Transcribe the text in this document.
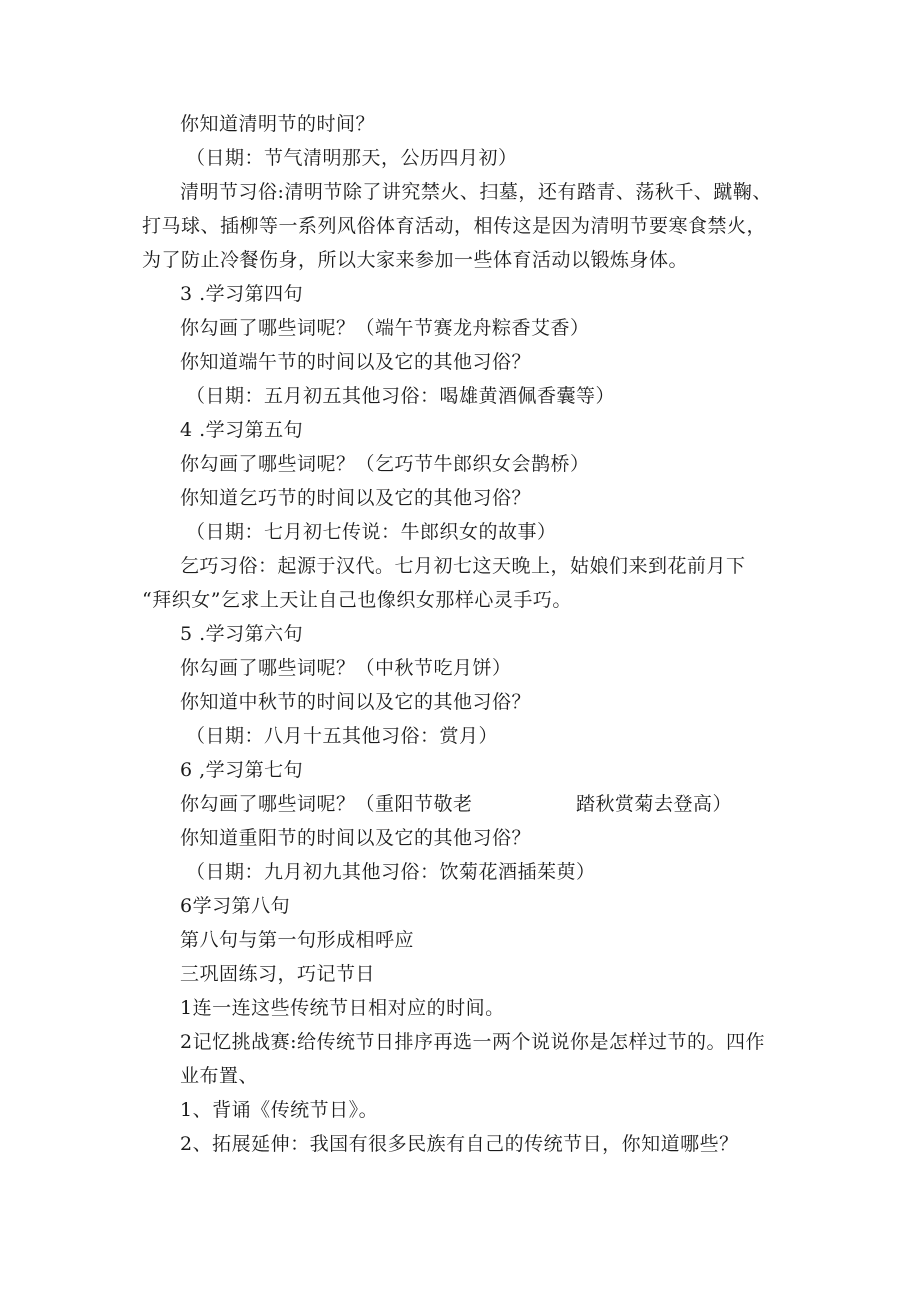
你知道清明节的时间？
（日期：节气清明那天，公历四月初）
清明节习俗:清明节除了讲究禁火、扫墓，还有踏青、荡秋千、蹴鞠、
打马球、插柳等一系列风俗体育活动，相传这是因为清明节要寒食禁火，
为了防止冷餐伤身，所以大家来参加一些体育活动以锻炼身体。
3 .学习第四句
你勾画了哪些词呢？（端午节赛龙舟粽香艾香）
你知道端午节的时间以及它的其他习俗？
（日期：五月初五其他习俗：喝雄黄酒佩香囊等）
4 .学习第五句
你勾画了哪些词呢？（乞巧节牛郎织女会鹊桥）
你知道乞巧节的时间以及它的其他习俗？
（日期：七月初七传说：牛郎织女的故事）
乞巧习俗：起源于汉代。七月初七这天晚上，姑娘们来到花前月下
“拜织女”乞求上天让自己也像织女那样心灵手巧。
5 .学习第六句
你勾画了哪些词呢？（中秋节吃月饼）
你知道中秋节的时间以及它的其他习俗？
（日期：八月十五其他习俗：赏月）
6 ,学习第七句
你勾画了哪些词呢？（重阳节敬老	踏秋赏菊去登高）
你知道重阳节的时间以及它的其他习俗？
（日期：九月初九其他习俗：饮菊花酒插茱萸）
6学习第八句
第八句与第一句形成相呼应
三巩固练习，巧记节日
1连一连这些传统节日相对应的时间。
2记忆挑战赛:给传统节日排序再选一两个说说你是怎样过节的。四作
业布置、
1、背诵《传统节日》。
2、拓展延伸：我国有很多民族有自己的传统节日，你知道哪些？
